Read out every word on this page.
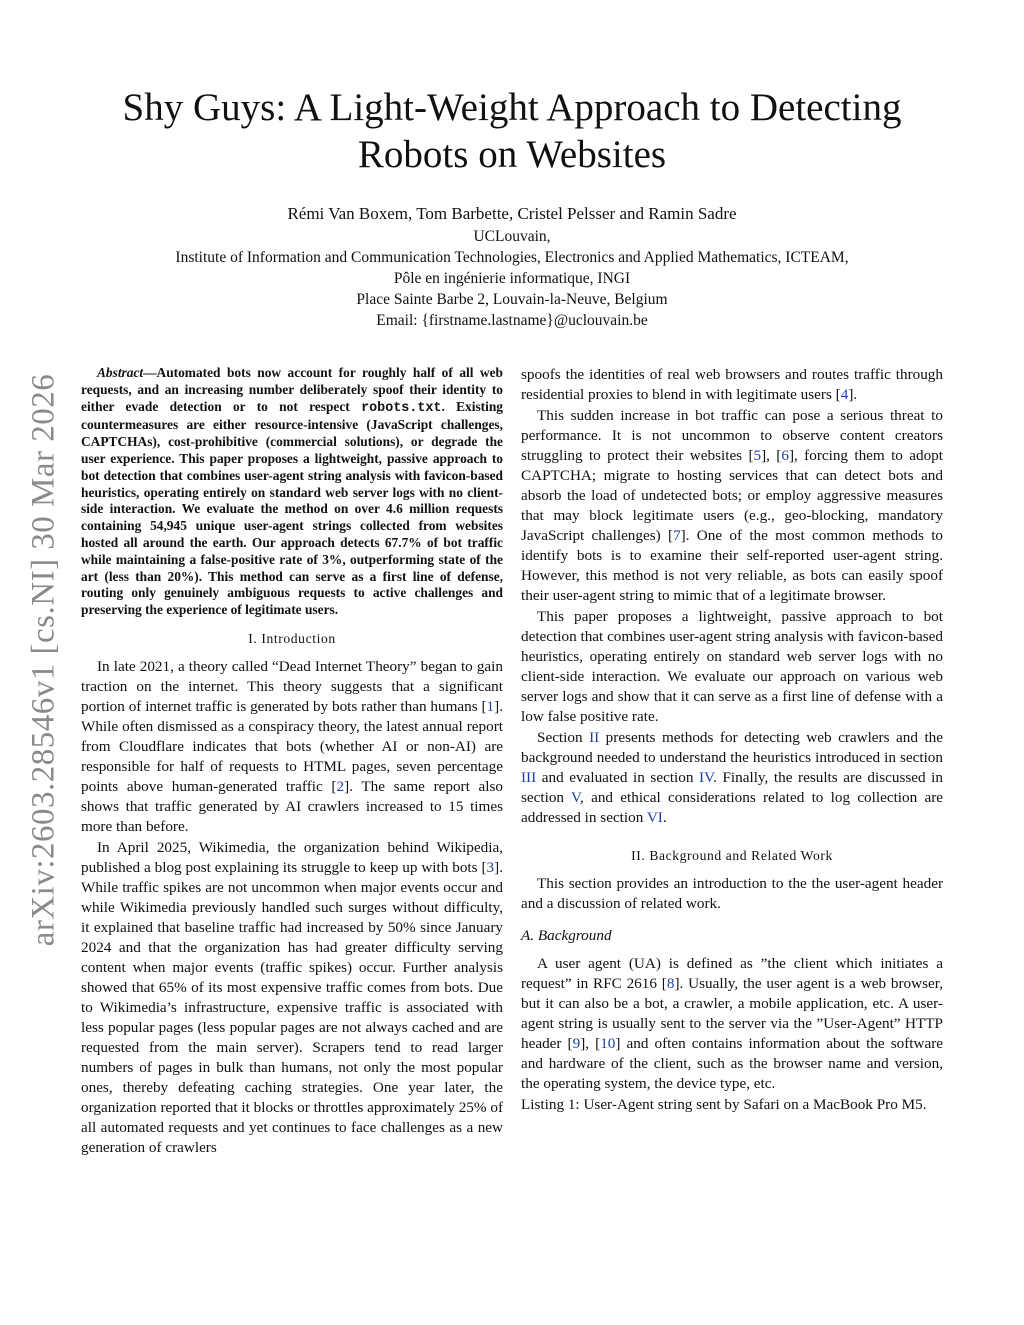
arXiv:2603.28546v1 [cs.NI] 30 Mar 2026
Shy Guys: A Light-Weight Approach to Detecting
Robots on Websites
Rémi Van Boxem, Tom Barbette, Cristel Pelsser and Ramin Sadre
UCLouvain,
Institute of Information and Communication Technologies, Electronics and Applied Mathematics, ICTEAM,
Pôle en ingénierie informatique, INGI
Place Sainte Barbe 2, Louvain-la-Neuve, Belgium
Email: {firstname.lastname}@uclouvain.be

Abstract—Automated bots now account for roughly half of all web requests, and an increasing number deliberately spoof their identity to either evade detection or to not respect robots.txt. Existing countermeasures are either resource-intensive (JavaScript challenges, CAPTCHAs), cost-prohibitive (commercial solutions), or degrade the user experience. This paper proposes a lightweight, passive approach to bot detection that combines user-agent string analysis with favicon-based heuristics, operating entirely on standard web server logs with no client-side interaction. We evaluate the method on over 4.6 million requests containing 54,945 unique user-agent strings collected from websites hosted all around the earth. Our approach detects 67.7% of bot traffic while maintaining a false-positive rate of 3%, outperforming state of the art (less than 20%). This method can serve as a first line of defense, routing only genuinely ambiguous requests to active challenges and preserving the experience of legitimate users.

I. Introduction

In late 2021, a theory called “Dead Internet Theory” began to gain traction on the internet. This theory suggests that a significant portion of internet traffic is generated by bots rather than humans [1]. While often dismissed as a conspiracy theory, the latest annual report from Cloudflare indicates that bots (whether AI or non-AI) are responsible for half of requests to HTML pages, seven percentage points above human-generated traffic [2]. The same report also shows that traffic generated by AI crawlers increased to 15 times more than before.

In April 2025, Wikimedia, the organization behind Wikipedia, published a blog post explaining its struggle to keep up with bots [3]. While traffic spikes are not uncommon when major events occur and while Wikimedia previously handled such surges without difficulty, it explained that baseline traffic had increased by 50% since January 2024 and that the organization has had greater difficulty serving content when major events (traffic spikes) occur. Further analysis showed that 65% of its most expensive traffic comes from bots. Due to Wikimedia’s infrastructure, expensive traffic is associated with less popular pages (less popular pages are not always cached and are requested from the main server). Scrapers tend to read larger numbers of pages in bulk than humans, not only the most popular ones, thereby defeating caching strategies. One year later, the organization reported that it blocks or throttles approximately 25% of all automated requests and yet continues to face challenges as a new generation of crawlers

spoofs the identities of real web browsers and routes traffic through residential proxies to blend in with legitimate users [4].

This sudden increase in bot traffic can pose a serious threat to performance. It is not uncommon to observe content creators struggling to protect their websites [5], [6], forcing them to adopt CAPTCHA; migrate to hosting services that can detect bots and absorb the load of undetected bots; or employ aggressive measures that may block legitimate users (e.g., geo-blocking, mandatory JavaScript challenges) [7]. One of the most common methods to identify bots is to examine their self-reported user-agent string. However, this method is not very reliable, as bots can easily spoof their user-agent string to mimic that of a legitimate browser.

This paper proposes a lightweight, passive approach to bot detection that combines user-agent string analysis with favicon-based heuristics, operating entirely on standard web server logs with no client-side interaction. We evaluate our approach on various web server logs and show that it can serve as a first line of defense with a low false positive rate.

Section II presents methods for detecting web crawlers and the background needed to understand the heuristics introduced in section III and evaluated in section IV. Finally, the results are discussed in section V, and ethical considerations related to log collection are addressed in section VI.

II. Background and Related Work

This section provides an introduction to the the user-agent header and a discussion of related work.

A. Background

A user agent (UA) is defined as ”the client which initiates a request” in RFC 2616 [8]. Usually, the user agent is a web browser, but it can also be a bot, a crawler, a mobile application, etc. A user-agent string is usually sent to the server via the ”User-Agent” HTTP header [9], [10] and often contains information about the software and hardware of the client, such as the browser name and version, the operating system, the device type, etc.

Listing 1: User-Agent string sent by Safari on a MacBook Pro M5.
